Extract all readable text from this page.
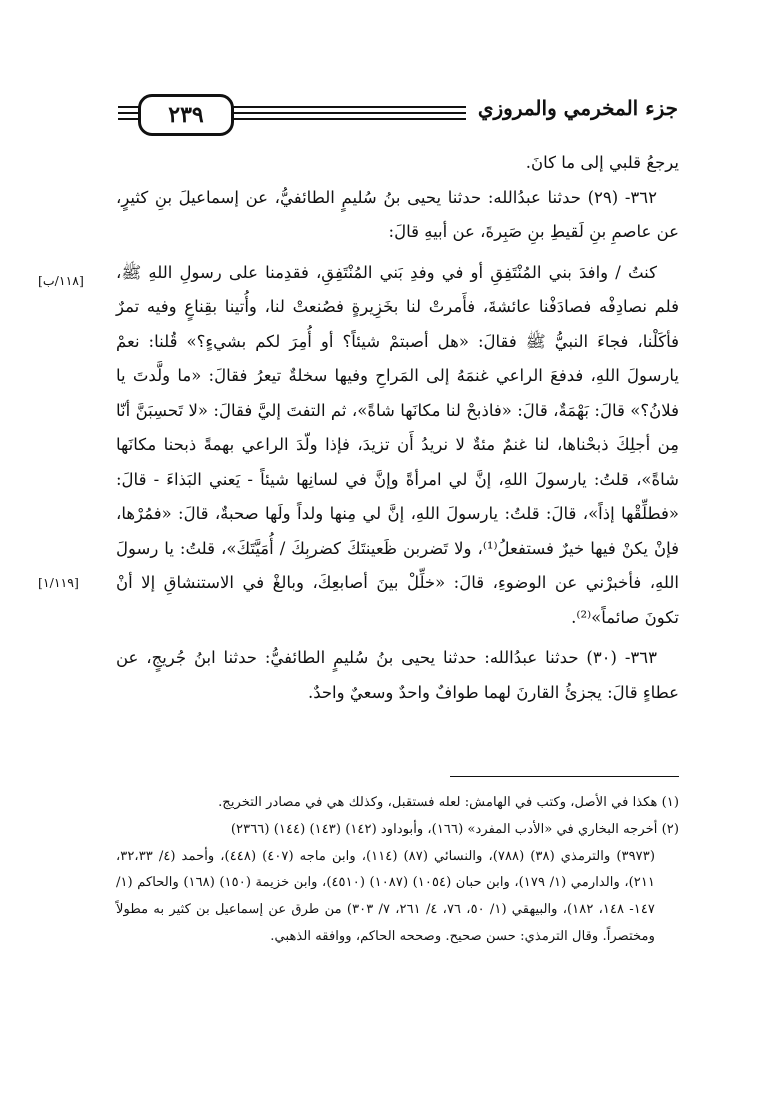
٢٣٩	جزء المخرمي والمروزي
[١١٨/ب]
[١/١١٩]

يرجعُ قلبي إلى ما كانَ.

٣٦٢- (٢٩) حدثنا عبدُالله: حدثنا يحيى بنُ سُليمٍ الطائفيُّ، عن إسماعيلَ بنِ كثيرٍ، عن عاصمِ بنِ لَقيطِ بنِ صَبِرةَ، عن أبيهِ قالَ:

كنتُ / وافدَ بني المُنْتَفِقِ أو في وفدِ بَني المُنْتَفِقِ، فقدِمنا على رسولِ اللهِ ﷺ، فلم نصادِفْه فصادَفْنا عائشةَ، فأَمرتْ لنا بخَزِيرةٍ فصُنعتْ لنا، وأُتينا بقِناعٍ وفيه تمرٌ فأكَلْنا، فجاءَ النبيُّ ﷺ فقالَ: «هل أصبتمْ شيئاً؟ أو أُمِرَ لكم بشيءٍ؟» قُلنا: نعمْ يارسولَ اللهِ، فدفعَ الراعي غنمَهُ إلى المَراحِ وفيها سخلةٌ تيعرُ فقالَ: «ما ولَّدتَ يا فلانُ؟» قالَ: بَهْمَةٌ، قالَ: «فاذبحْ لنا مكانَها شاةً»، ثم التفتَ إليَّ فقالَ: «لا تَحسِبَنَّ أنّا مِن أجلِكَ ذبحْناها، لنا غنمٌ مئةٌ لا نريدُ أَن تزيدَ، فإذا ولّدَ الراعي بهمةً ذبحنا مكانَها شاةً»، قلتُ: يارسولَ اللهِ، إنَّ لي امرأةً وإنَّ في لسانِها شيئاً - يَعني البَذاءَ - قالَ: «فطلِّقْها إذاً»، قالَ: قلتُ: يارسولَ اللهِ، إنَّ لي مِنها ولداً ولَها صحبةٌ، قالَ: «فمُرْها، فإنْ يكنْ فيها خيرٌ فستفعلُ⁽¹⁾، ولا تَضربن ظَعينتَكَ كضربِكَ / أُمَيَّتَكَ»، قلتُ: يا رسولَ اللهِ، فأخبرْني عن الوضوءِ، قالَ: «خلِّلْ بينَ أصابعِكَ، وبالغْ في الاستنشاقِ إلا أنْ تكونَ صائماً»⁽²⁾.

٣٦٣- (٣٠) حدثنا عبدُالله: حدثنا يحيى بنُ سُليمٍ الطائفيُّ: حدثنا ابنُ جُريجٍ، عن عطاءٍ قالَ: يجزئُ القارنَ لهما طوافٌ واحدٌ وسعيٌ واحدٌ.

(١) هكذا في الأصل، وكتب في الهامش: لعله فستقبل، وكذلك هي في مصادر التخريج.

(٢) أخرجه البخاري في «الأدب المفرد» (١٦٦)، وأبوداود (١٤٢) (١٤٣) (١٤٤) (٢٣٦٦)

(٣٩٧٣) والترمذي (٣٨) (٧٨٨)، والنسائي (٨٧) (١١٤)، وابن ماجه (٤٠٧) (٤٤٨)، وأحمد (٤/ ٣٢،٣٣، ٢١١)، والدارمي (١/ ١٧٩)، وابن حبان (١٠٥٤) (١٠٨٧) (٤٥١٠)، وابن خزيمة (١٥٠) (١٦٨) والحاكم (١/ ١٤٧- ١٤٨، ١٨٢)، والبيهقي (١/ ٥٠، ٧٦، ٤/ ٢٦١، ٧/ ٣٠٣) من طرق عن إسماعيل بن كثير به مطولاً ومختصراً. وقال الترمذي: حسن صحيح. وصححه الحاكم، ووافقه الذهبي.
